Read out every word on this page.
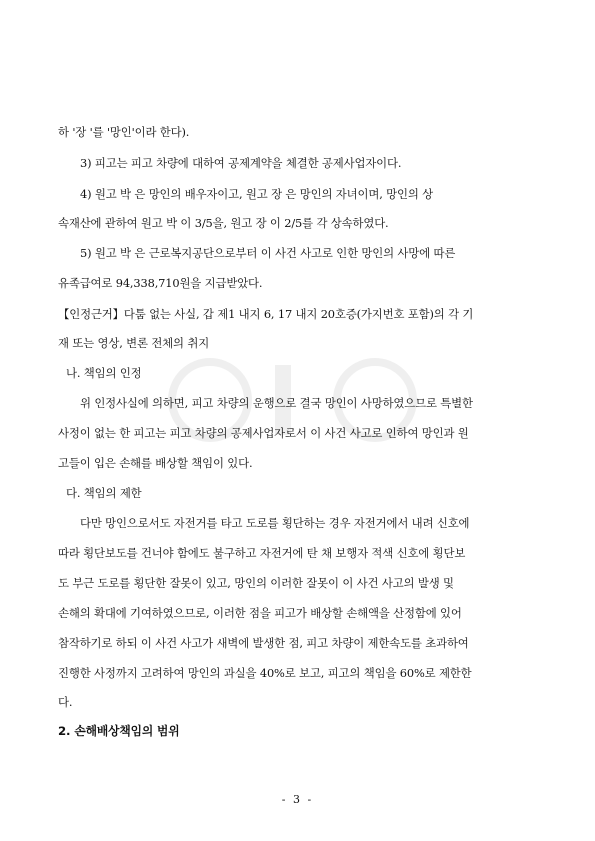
하 '장 '를 '망인'이라 한다).
3) 피고는 피고 차량에 대하여 공제계약을 체결한 공제사업자이다.
4) 원고 박 은 망인의 배우자이고, 원고 장 은 망인의 자녀이며, 망인의 상
속재산에 관하여 원고 박 이 3/5을, 원고 장 이 2/5를 각 상속하였다.
5) 원고 박 은 근로복지공단으로부터 이 사건 사고로 인한 망인의 사망에 따른
유족급여로 94,338,710원을 지급받았다.
【인정근거】다툼 없는 사실, 갑 제1 내지 6, 17 내지 20호증(가지번호 포함)의 각 기
재 또는 영상, 변론 전체의 취지
나. 책임의 인정
위 인정사실에 의하면, 피고 차량의 운행으로 결국 망인이 사망하였으므로 특별한
사정이 없는 한 피고는 피고 차량의 공제사업자로서 이 사건 사고로 인하여 망인과 원
고들이 입은 손해를 배상할 책임이 있다.
다. 책임의 제한
다만 망인으로서도 자전거를 타고 도로를 횡단하는 경우 자전거에서 내려 신호에
따라 횡단보도를 건너야 함에도 불구하고 자전거에 탄 채 보행자 적색 신호에 횡단보
도 부근 도로를 횡단한 잘못이 있고, 망인의 이러한 잘못이 이 사건 사고의 발생 및
손해의 확대에 기여하였으므로, 이러한 점을 피고가 배상할 손해액을 산정함에 있어
참작하기로 하되 이 사건 사고가 새벽에 발생한 점, 피고 차량이 제한속도를 초과하여
진행한 사정까지 고려하여 망인의 과실을 40%로 보고, 피고의 책임을 60%로 제한한
다.
2. 손해배상책임의 범위
- 3 -
